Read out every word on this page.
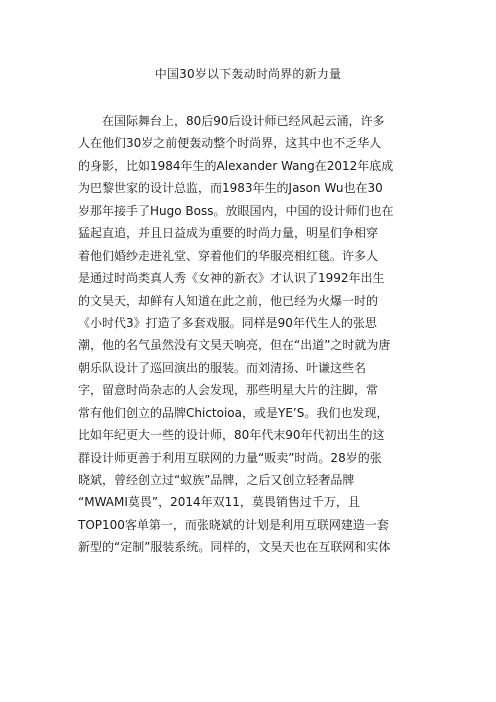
中国30岁以下轰动时尚界的新力量
在国际舞台上，80后90后设计师已经风起云涌，许多
人在他们30岁之前便轰动整个时尚界，这其中也不乏华人
的身影，比如1984年生的Alexander Wang在2012年底成
为巴黎世家的设计总监，而1983年生的Jason Wu也在30
岁那年接手了Hugo Boss。放眼国内，中国的设计师们也在
猛起直追，并且日益成为重要的时尚力量，明星们争相穿
着他们婚纱走进礼堂、穿着他们的华服亮相红毯。许多人
是通过时尚类真人秀《女神的新衣》才认识了1992年出生
的文昊天，却鲜有人知道在此之前，他已经为火爆一时的
《小时代3》打造了多套戏服。同样是90年代生人的张思
潮，他的名气虽然没有文昊天响亮，但在“出道”之时就为唐
朝乐队设计了巡回演出的服装。而刘清扬、叶谦这些名
字，留意时尚杂志的人会发现，那些明星大片的注脚，常
常有他们创立的品牌Chictoioa，或是YE’S。我们也发现，
比如年纪更大一些的设计师，80年代末90年代初出生的这
群设计师更善于利用互联网的力量“贩卖”时尚。28岁的张
晓斌，曾经创立过“蚁族”品牌，之后又创立轻奢品牌
“MWAMI莫畏”，2014年双11，莫畏销售过千万，且
TOP100客单第一，而张晓斌的计划是利用互联网建造一套
新型的“定制”服装系统。同样的，文昊天也在互联网和实体
